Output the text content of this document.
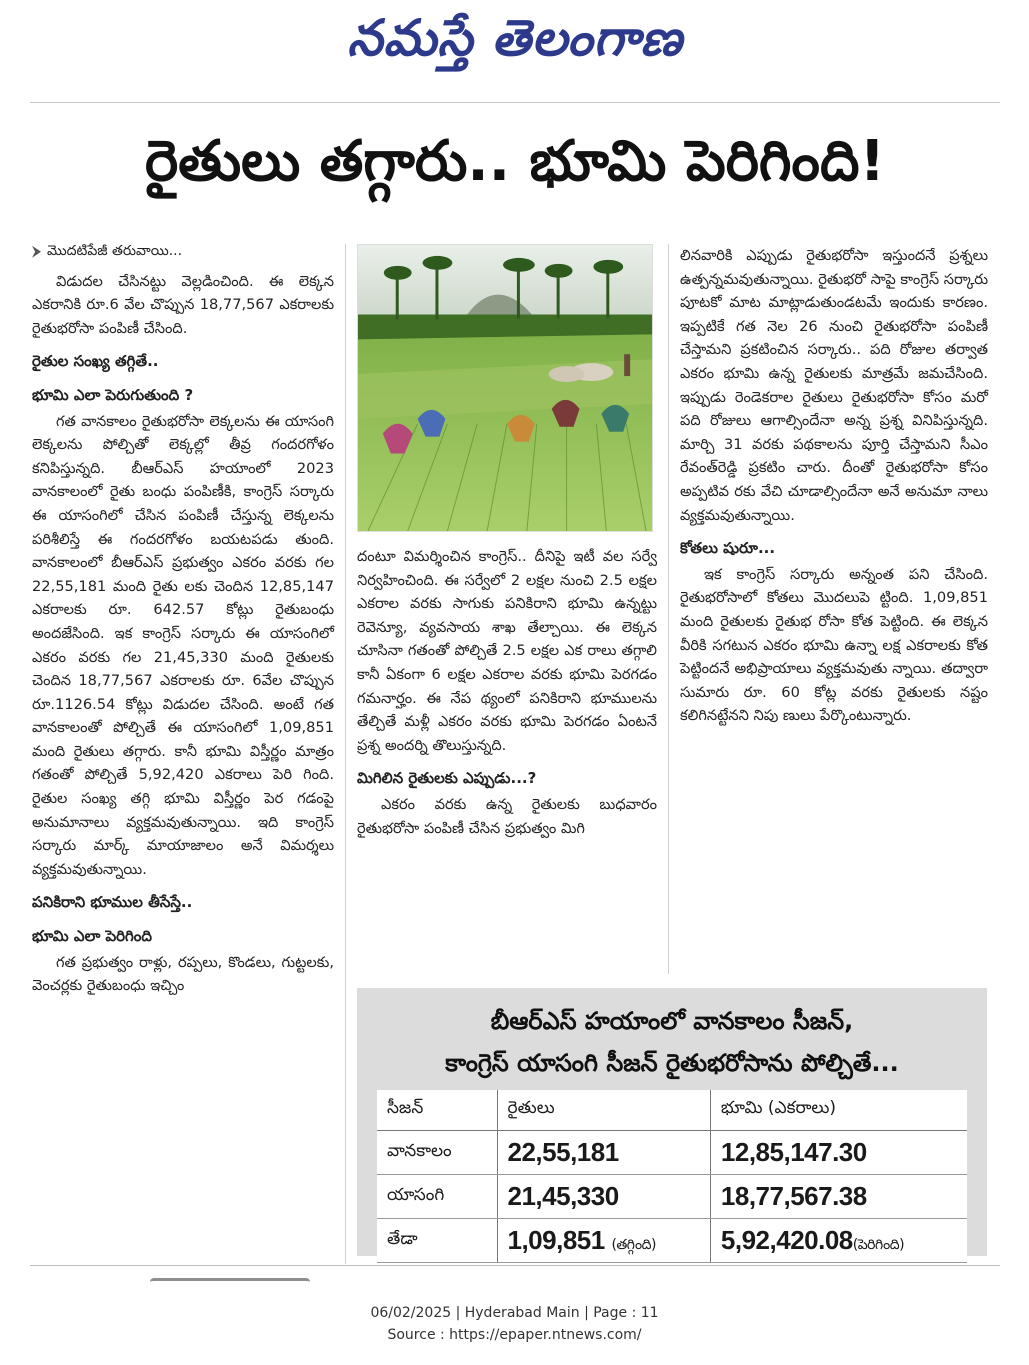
నమస్తే తెలంగాణ
రైతులు తగ్గారు.. భూమి పెరిగింది!
మొదటిపేజీ తరువాయి...

విడుదల చేసినట్టు వెల్లడించింది. ఈ లెక్కన ఎకరానికి రూ.6 వేల చొప్పున 18,77,567 ఎకరాలకు రైతుభరోసా పంపిణీ చేసింది.

రైతుల సంఖ్య తగ్గితే..

భూమి ఎలా పెరుగుతుంది ?

గత వానకాలం రైతుభరోసా లెక్కలను ఈ యాసంగి లెక్కలను పోల్చితో లెక్కల్లో తీవ్ర గందరగోళం కనిపిస్తున్నది. బీఆర్ఎస్ హయాంలో 2023 వానకాలంలో రైతు బంధు పంపిణీకి, కాంగ్రెస్ సర్కారు ఈ యాసంగిలో చేసిన పంపిణీ చేస్తున్న లెక్కలను పరిశీలిస్తే ఈ గందరగోళం బయటపడు తుంది. వానకాలంలో బీఆర్ఎస్ ప్రభుత్వం ఎకరం వరకు గల 22,55,181 మంది రైతు లకు చెందిన 12,85,147 ఎకరాలకు రూ. 642.57 కోట్లు రైతుబంధు అందజేసింది. ఇక కాంగ్రెస్ సర్కారు ఈ యాసంగిలో ఎకరం వరకు గల 21,45,330 మంది రైతులకు చెందిన 18,77,567 ఎకరాలకు రూ. 6వేల చొప్పున రూ.1126.54 కోట్లు విడుదల చేసింది. అంటే గత వానకాలంతో పోల్చితే ఈ యాసంగిలో 1,09,851 మంది రైతులు తగ్గారు. కానీ భూమి విస్తీర్ణం మాత్రం గతంతో పోల్చితే 5,92,420 ఎకరాలు పెరి గింది. రైతుల సంఖ్య తగ్గి భూమి విస్తీర్ణం పెర గడంపై అనుమానాలు వ్యక్తమవుతున్నాయి. ఇది కాంగ్రెస్ సర్కారు మార్క్ మాయాజాలం అనే విమర్శలు వ్యక్తమవుతున్నాయి.

పనికిరాని భూముల తీసేస్తే..

భూమి ఎలా పెరిగింది

గత ప్రభుత్వం రాళ్లు, రప్పలు, కొండలు, గుట్టలకు, వెంచర్లకు రైతుబంధు ఇచ్చిం

దంటూ విమర్శించిన కాంగ్రెస్.. దీనిపై ఇటీ వల సర్వే నిర్వహించింది. ఈ సర్వేలో 2 లక్షల నుంచి 2.5 లక్షల ఎకరాల వరకు సాగుకు పనికిరాని భూమి ఉన్నట్టు రెవెన్యూ, వ్యవసాయ శాఖ తేల్చాయి. ఈ లెక్కన చూసినా గతంతో పోల్చితే 2.5 లక్షల ఎక రాలు తగ్గాలి కానీ ఏకంగా 6 లక్షల ఎకరాల వరకు భూమి పెరగడం గమనార్హం. ఈ నేప థ్యంలో పనికిరాని భూములను తేల్చితే మళ్లీ ఎకరం వరకు భూమి పెరగడం ఏంటనే ప్రశ్న అందర్ని తొలుస్తున్నది.

మిగిలిన రైతులకు ఎప్పుడు...?

ఎకరం వరకు ఉన్న రైతులకు బుధవారం రైతుభరోసా పంపిణీ చేసిన ప్రభుత్వం మిగి

లినవారికి ఎప్పుడు రైతుభరోసా ఇస్తుందనే ప్రశ్నలు ఉత్పన్నమవుతున్నాయి. రైతుభరో సాపై కాంగ్రెస్ సర్కారు పూటకో మాట మాట్లాడుతుండటమే ఇందుకు కారణం. ఇప్పటికే గత నెల 26 నుంచి రైతుభరోసా పంపిణీ చేస్తామని ప్రకటించిన సర్కారు.. పది రోజుల తర్వాత ఎకరం భూమి ఉన్న రైతులకు మాత్రమే జమచేసింది. ఇప్పుడు రెండెకరాల రైతులు రైతుభరోసా కోసం మరో పది రోజులు ఆగాల్సిందేనా అన్న ప్రశ్న వినిపిస్తున్నది. మార్చి 31 వరకు పథకాలను పూర్తి చేస్తామని సీఎం రేవంత్‌రెడ్డి ప్రకటిం చారు. దీంతో రైతుభరోసా కోసం అప్పటివ రకు వేచి చూడాల్సిందేనా అనే అనుమా నాలు వ్యక్తమవుతున్నాయి.

కోతలు షురూ...

ఇక కాంగ్రెస్ సర్కారు అన్నంత పని చేసింది. రైతుభరోసాలో కోతలు మొదలుపె ట్టింది. 1,09,851 మంది రైతులకు రైతుభ రోసా కోత పెట్టింది. ఈ లెక్కన వీరికి సగటున ఎకరం భూమి ఉన్నా లక్ష ఎకరాలకు కోత పెట్టిందనే అభిప్రాయాలు వ్యక్తమవుతు న్నాయి. తద్వారా సుమారు రూ. 60 కోట్ల వరకు రైతులకు నష్టం కలిగినట్టేనని నిపు ణులు పేర్కొంటున్నారు.

బీఆర్ఎస్ హయాంలో వానకాలం సీజన్,
కాంగ్రెస్ యాసంగి సీజన్ రైతుభరోసాను పోల్చితే...
సీజన్	రైతులు	భూమి (ఎకరాలు)
వానకాలం	22,55,181	12,85,147.30
యాసంగి	21,45,330	18,77,567.38
తేడా	1,09,851 (తగ్గింది)	5,92,420.08(పెరిగింది)
06/02/2025 | Hyderabad Main | Page : 11
Source : https://epaper.ntnews.com/
